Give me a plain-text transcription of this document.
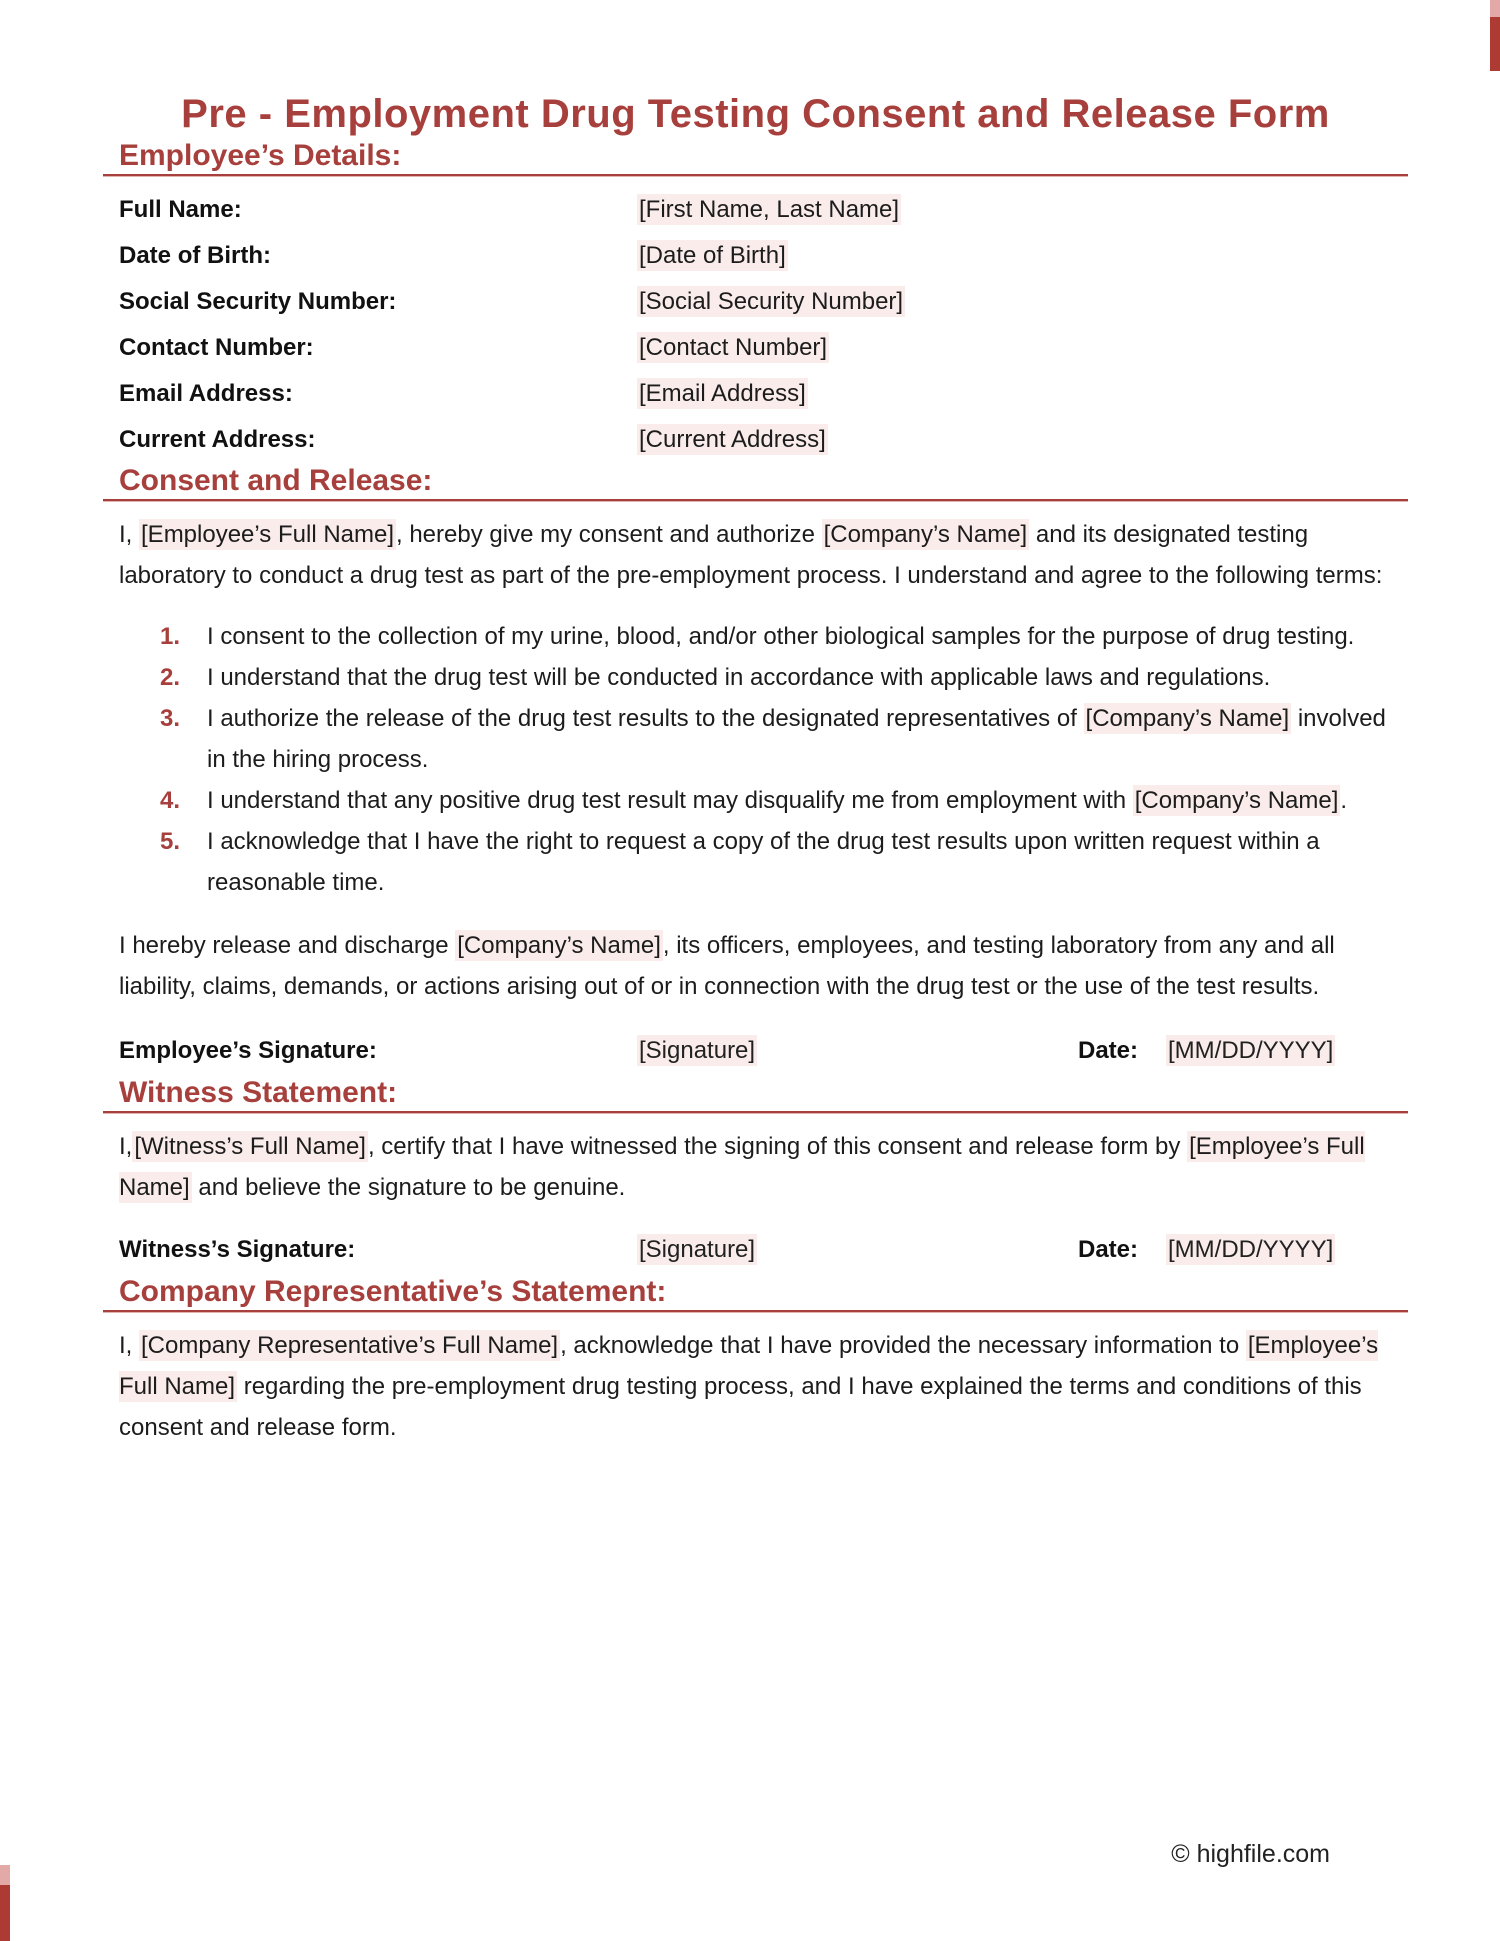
Pre - Employment Drug Testing Consent and Release Form
Employee’s Details:
Full Name:	[First Name, Last Name]
Date of Birth:	[Date of Birth]
Social Security Number:	[Social Security Number]
Contact Number:	[Contact Number]
Email Address:	[Email Address]
Current Address:	[Current Address]
Consent and Release:

I, [Employee’s Full Name], hereby give my consent and authorize [Company’s Name] and its designated testing laboratory to conduct a drug test as part of the pre-employment process. I understand and agree to the following terms:

1.	I consent to the collection of my urine, blood, and/or other biological samples for the purpose of drug testing.
2.	I understand that the drug test will be conducted in accordance with applicable laws and regulations.
3.	I authorize the release of the drug test results to the designated representatives of [Company’s Name] involved in the hiring process.
4.	I understand that any positive drug test result may disqualify me from employment with [Company’s Name].
5.	I acknowledge that I have the right to request a copy of the drug test results upon written request within a reasonable time.

I hereby release and discharge [Company’s Name], its officers, employees, and testing laboratory from any and all liability, claims, demands, or actions arising out of or in connection with the drug test or the use of the test results.

Employee’s Signature:	[Signature]	Date: [MM/DD/YYYY]
Witness Statement:

I,[Witness’s Full Name], certify that I have witnessed the signing of this consent and release form by [Employee’s Full Name] and believe the signature to be genuine.

Witness’s Signature:	[Signature]	Date: [MM/DD/YYYY]
Company Representative’s Statement:

I, [Company Representative’s Full Name], acknowledge that I have provided the necessary information to [Employee’s Full Name] regarding the pre-employment drug testing process, and I have explained the terms and conditions of this consent and release form.

© highfile.com
